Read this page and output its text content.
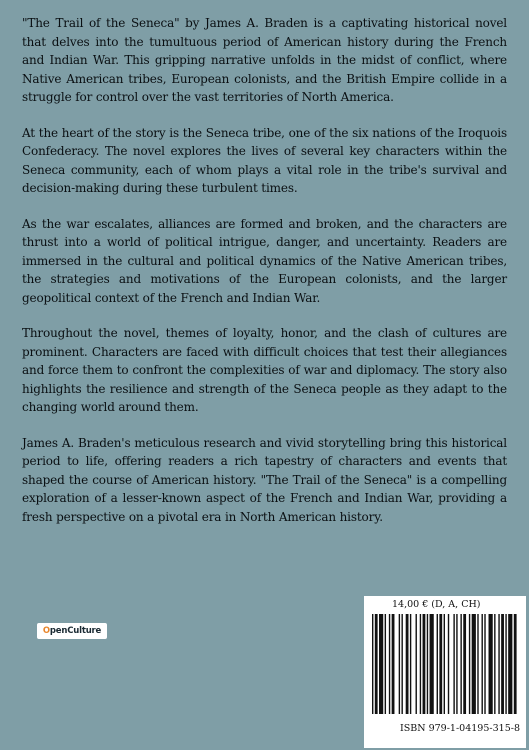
"The Trail of the Seneca" by James A. Braden is a captivating historical novel that delves into the tumultuous period of American history during the French and Indian War. This gripping narrative unfolds in the midst of conflict, where Native American tribes, European colonists, and the British Empire collide in a struggle for control over the vast territories of North America.

At the heart of the story is the Seneca tribe, one of the six nations of the Iroquois Confederacy. The novel explores the lives of several key characters within the Seneca community, each of whom plays a vital role in the tribe's survival and decision-making during these turbulent times.

As the war escalates, alliances are formed and broken, and the characters are thrust into a world of political intrigue, danger, and uncertainty. Readers are immersed in the cultural and political dynamics of the Native American tribes, the strategies and motivations of the European colonists, and the larger geopolitical context of the French and Indian War.

Throughout the novel, themes of loyalty, honor, and the clash of cultures are prominent. Characters are faced with difficult choices that test their allegiances and force them to confront the complexities of war and diplomacy. The story also highlights the resilience and strength of the Seneca people as they adapt to the changing world around them.

James A. Braden's meticulous research and vivid storytelling bring this historical period to life, offering readers a rich tapestry of characters and events that shaped the course of American history. "The Trail of the Seneca" is a compelling exploration of a lesser-known aspect of the French and Indian War, providing a fresh perspective on a pivotal era in North American history.

O penCulture
14,00 € (D, A, CH)
ISBN 979-1-04195-315-8
